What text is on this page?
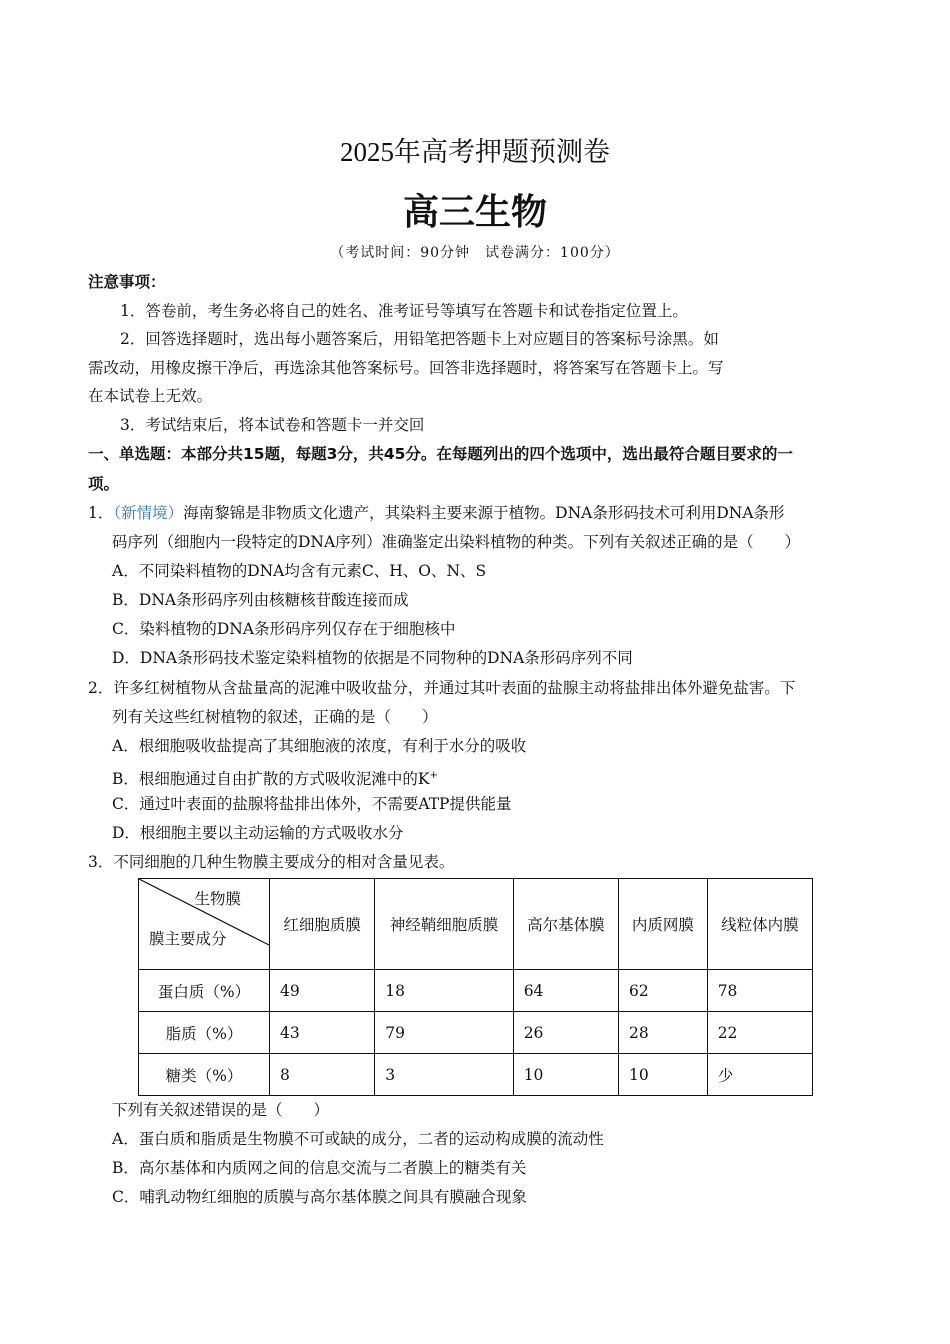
2025年高考押题预测卷
高三生物
（考试时间：90分钟　试卷满分：100分）
注意事项：
1．答卷前，考生务必将自己的姓名、准考证号等填写在答题卡和试卷指定位置上。
2．回答选择题时，选出每小题答案后，用铅笔把答题卡上对应题目的答案标号涂黑。如
需改动，用橡皮擦干净后，再选涂其他答案标号。回答非选择题时，将答案写在答题卡上。写
在本试卷上无效。
3．考试结束后，将本试卷和答题卡一并交回
一、单选题：本部分共15题，每题3分，共45分。在每题列出的四个选项中，选出最符合题目要求的一
项。
1．（新情境）海南黎锦是非物质文化遗产，其染料主要来源于植物。DNA条形码技术可利用DNA条形
码序列（细胞内一段特定的DNA序列）准确鉴定出染料植物的种类。下列有关叙述正确的是（　　）
A．不同染料植物的DNA均含有元素C、H、O、N、S
B．DNA条形码序列由核糖核苷酸连接而成
C．染料植物的DNA条形码序列仅存在于细胞核中
D．DNA条形码技术鉴定染料植物的依据是不同物种的DNA条形码序列不同
2．许多红树植物从含盐量高的泥滩中吸收盐分，并通过其叶表面的盐腺主动将盐排出体外避免盐害。下
列有关这些红树植物的叙述，正确的是（　　）
A．根细胞吸收盐提高了其细胞液的浓度，有利于水分的吸收
B．根细胞通过自由扩散的方式吸收泥滩中的K+
C．通过叶表面的盐腺将盐排出体外，不需要ATP提供能量
D．根细胞主要以主动运输的方式吸收水分
3．不同细胞的几种生物膜主要成分的相对含量见表。
生物膜
膜主要成分	红细胞质膜	神经鞘细胞质膜	高尔基体膜	内质网膜	线粒体内膜
蛋白质（%）	49	18	64	62	78
脂质（%）	43	79	26	28	22
糖类（%）	8	3	10	10	少
下列有关叙述错误的是（　　）
A．蛋白质和脂质是生物膜不可或缺的成分，二者的运动构成膜的流动性
B．高尔基体和内质网之间的信息交流与二者膜上的糖类有关
C．哺乳动物红细胞的质膜与高尔基体膜之间具有膜融合现象
